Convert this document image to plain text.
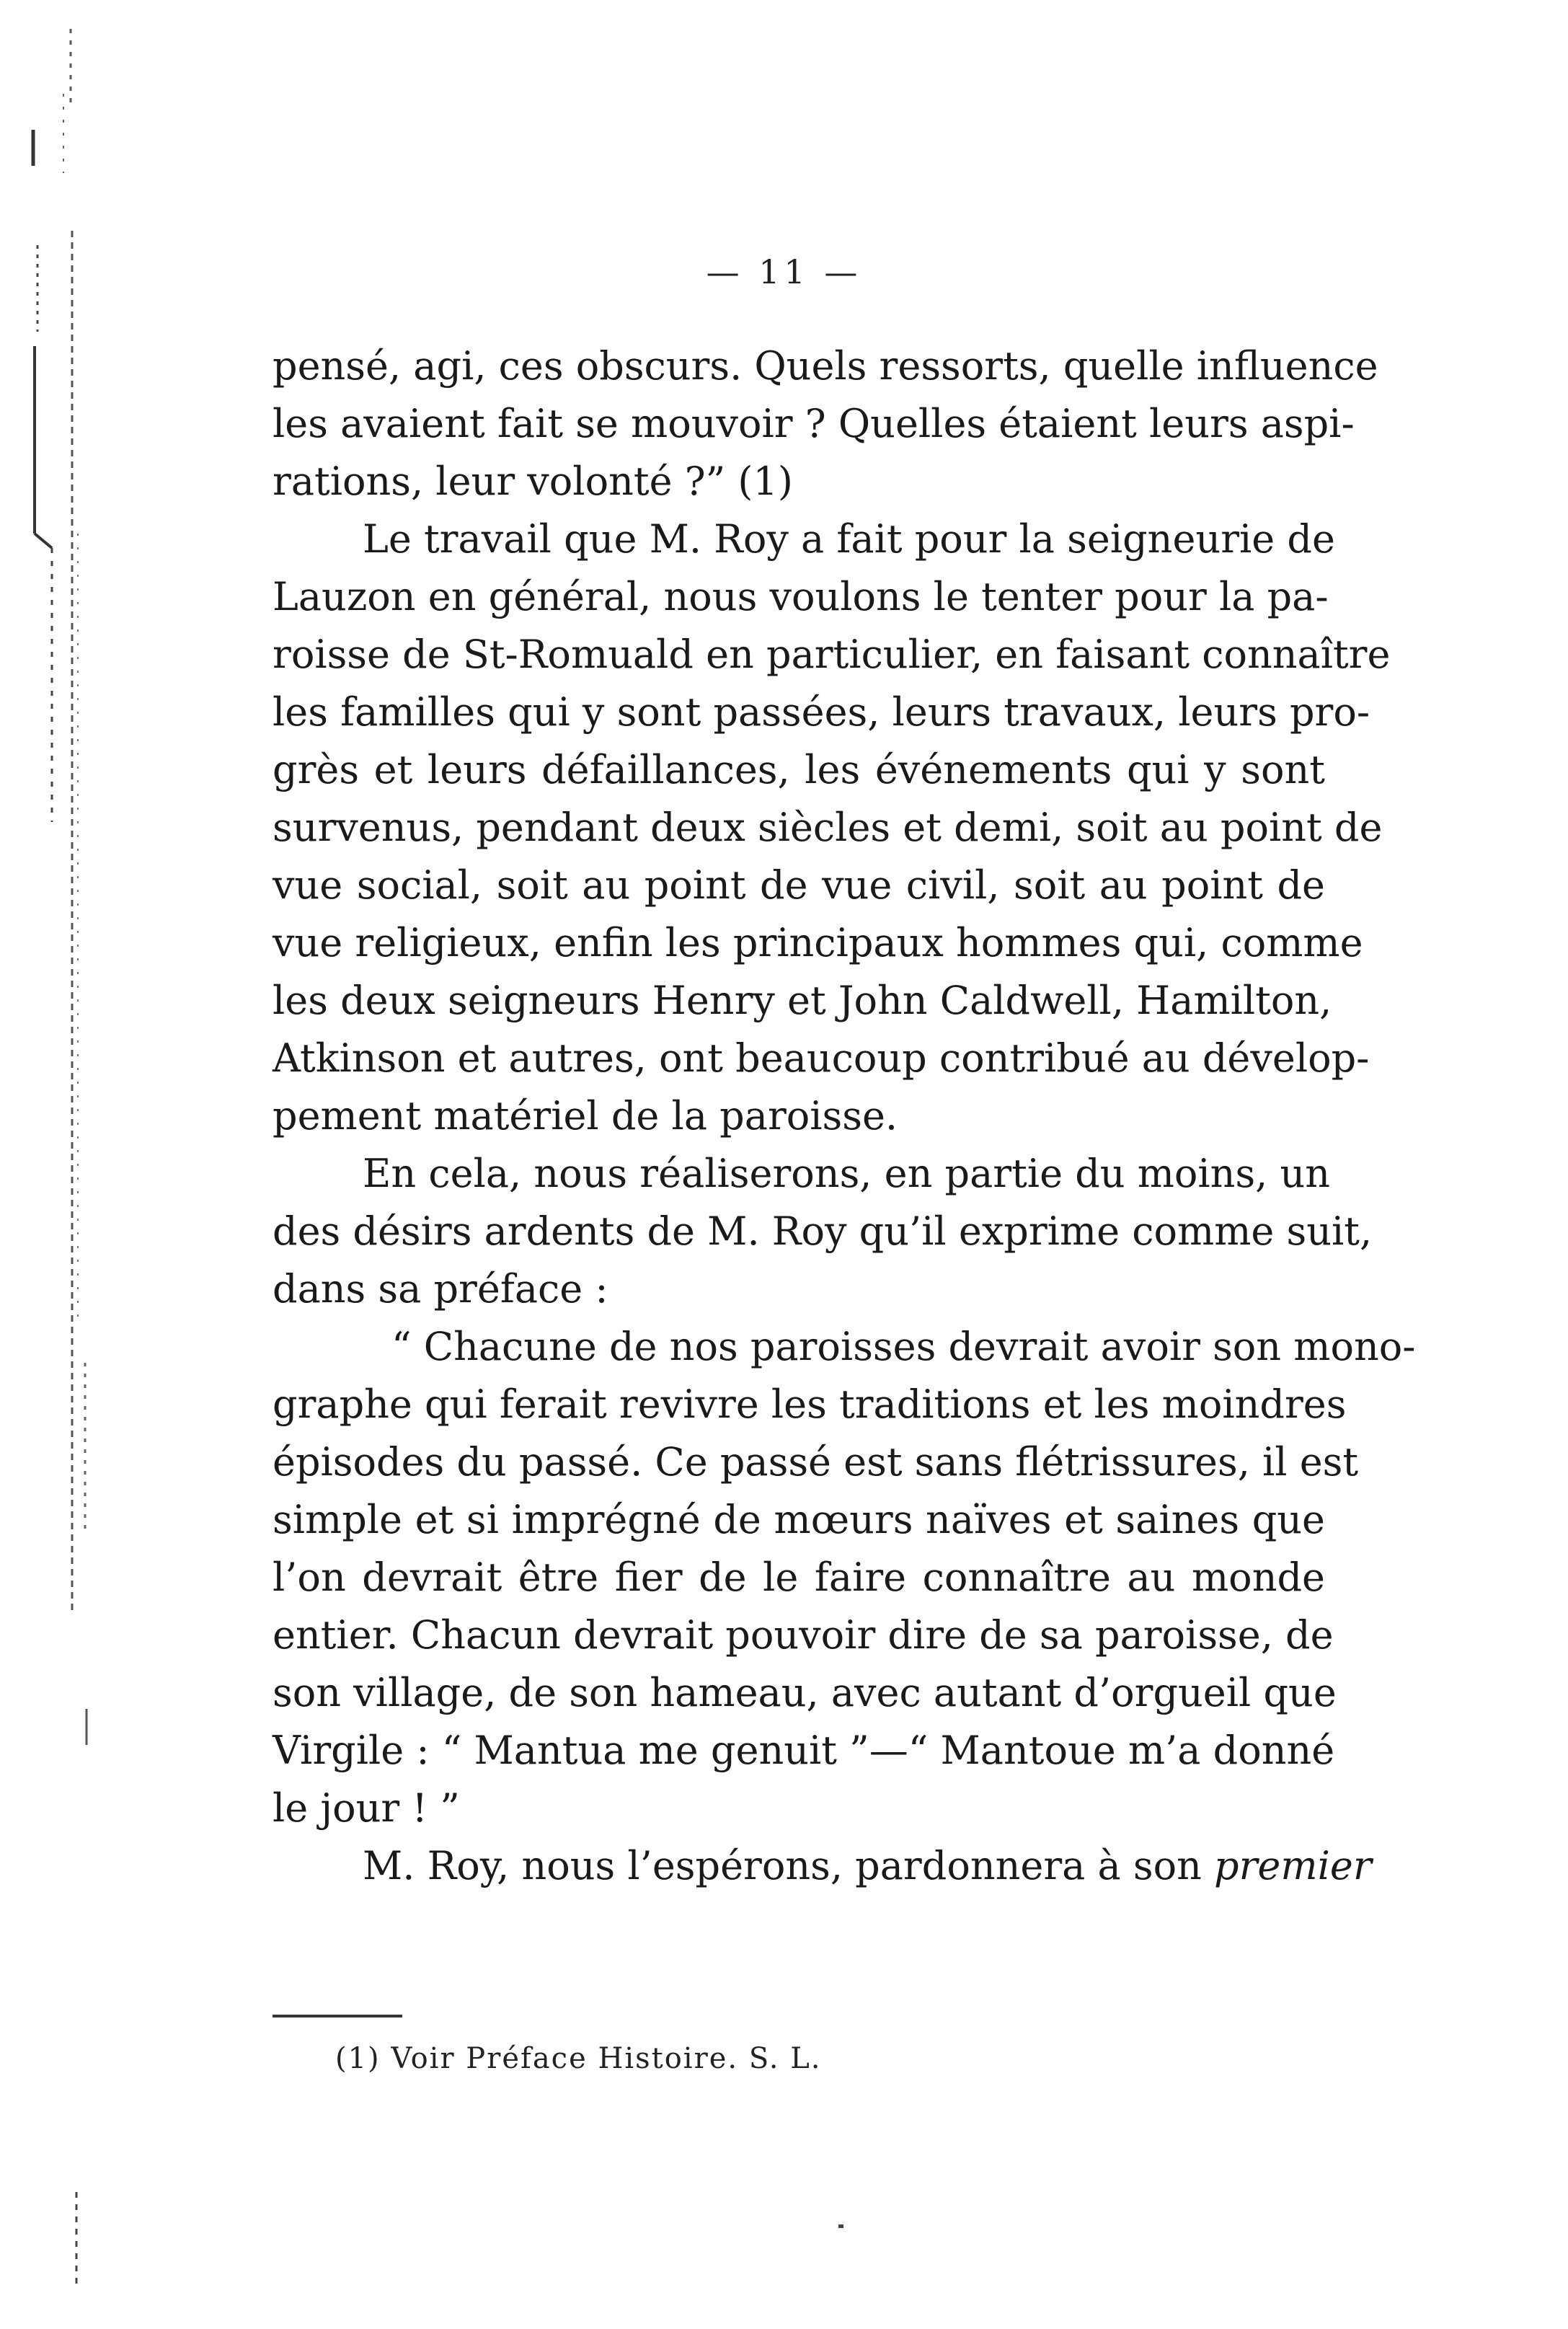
— 11 —
pensé, agi, ces obscurs. Quels ressorts, quelle influence
les avaient fait se mouvoir ? Quelles étaient leurs aspi-
rations, leur volonté ?” (1)
Le travail que M. Roy a fait pour la seigneurie de
Lauzon en général, nous voulons le tenter pour la pa-
roisse de St-Romuald en particulier, en faisant connaître
les familles qui y sont passées, leurs travaux, leurs pro-
grès et leurs défaillances, les événements qui y sont
survenus, pendant deux siècles et demi, soit au point de
vue social, soit au point de vue civil, soit au point de
vue religieux, enfin les principaux hommes qui, comme
les deux seigneurs Henry et John Caldwell, Hamilton,
Atkinson et autres, ont beaucoup contribué au dévelop-
pement matériel de la paroisse.
En cela, nous réaliserons, en partie du moins, un
des désirs ardents de M. Roy qu’il exprime comme suit,
dans sa préface :
“ Chacune de nos paroisses devrait avoir son mono-
graphe qui ferait revivre les traditions et les moindres
épisodes du passé. Ce passé est sans flétrissures, il est
simple et si imprégné de mœurs naïves et saines que
l’on devrait être fier de le faire connaître au monde
entier. Chacun devrait pouvoir dire de sa paroisse, de
son village, de son hameau, avec autant d’orgueil que
Virgile : “ Mantua me genuit ”—“ Mantoue m’a donné
le jour ! ”
M. Roy, nous l’espérons, pardonnera à son premier
(1) Voir Préface Histoire. S. L.
